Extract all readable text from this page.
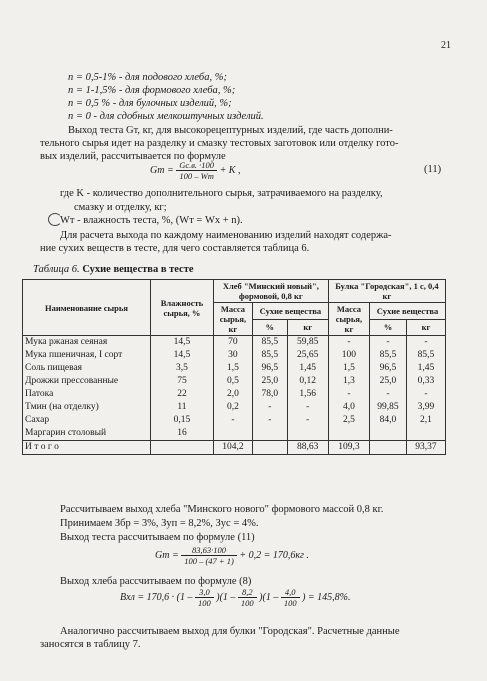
21
n = 0,5-1% - для подового хлеба, %;
n = 1-1,5% - для формового хлеба, %;
n = 0,5 % - для булочных изделий, %;
n = 0 - для сдобных мелкоштучных изделий.
Выход теста Gт, кг, для высокорецептурных изделий, где часть дополни-
тельного сырья идет на разделку и смазку тестовых заготовок или отделку гото-
вых изделий, рассчитывается по формуле
Gт = $\frac{Gс.в. \cdot 100}{100 - Wт} + K$ ,	(11)
где K - количество дополнительного сырья, затрачиваемого на разделку,
смазку и отделку, кг;
Wт - влажность теста, %, (Wт = Wх + n).
Для расчета выхода по каждому наименованию изделий находят содержа-
ние сухих веществ в тесте, для чего составляется таблица 6.
Таблица 6. Сухие вещества в тесте
Наименование сырья	Влажность сырья, %	Хлеб "Минский новый", формовой, 0,8 кг			Булка "Городская", 1 с, 0,4 кг		
		Масса сырья, кг	Сухие вещества		Масса сырья, кг	Сухие вещества	
			%	кг		%	кг
Мука ржаная сеяная	14,5	70	85,5	59,85	-	-	-
Мука пшеничная, I сорт	14,5	30	85,5	25,65	100	85,5	85,5
Соль пищевая	3,5	1,5	96,5	1,45	1,5	96,5	1,45
Дрожжи прессованные	75	0,5	25,0	0,12	1,3	25,0	0,33
Патока	22	2,0	78,0	1,56	-	-	-
Тмин (на отделку)	11	0,2	-	-	4,0	99,85	3,99
Сахар	0,15	-	-	-	2,5	84,0	2,1
Маргарин столовый	16						
И т о г о		104,2		88,63	109,3		93,37
Рассчитываем выход хлеба "Минского нового" формового массой 0,8 кг.
Принимаем Збр = 3%, Зуп = 8,2%, Зус = 4%.
Выход теста рассчитываем по формуле (11)
$Gm = \frac{83,63\cdot 100}{100 - (47 + 1)} + 0,2 = 170,6кг$ .
Выход хлеба рассчитываем по формуле (8)
Bхл = $170,6 \cdot (1 - \frac{3,0}{100} )(1 - \frac{8,2}{100} )(1 - \frac{4,0}{100}$ ) = 145,8%.
Аналогично рассчитываем выход для булки "Городская". Расчетные данные
заносятся в таблицу 7.
